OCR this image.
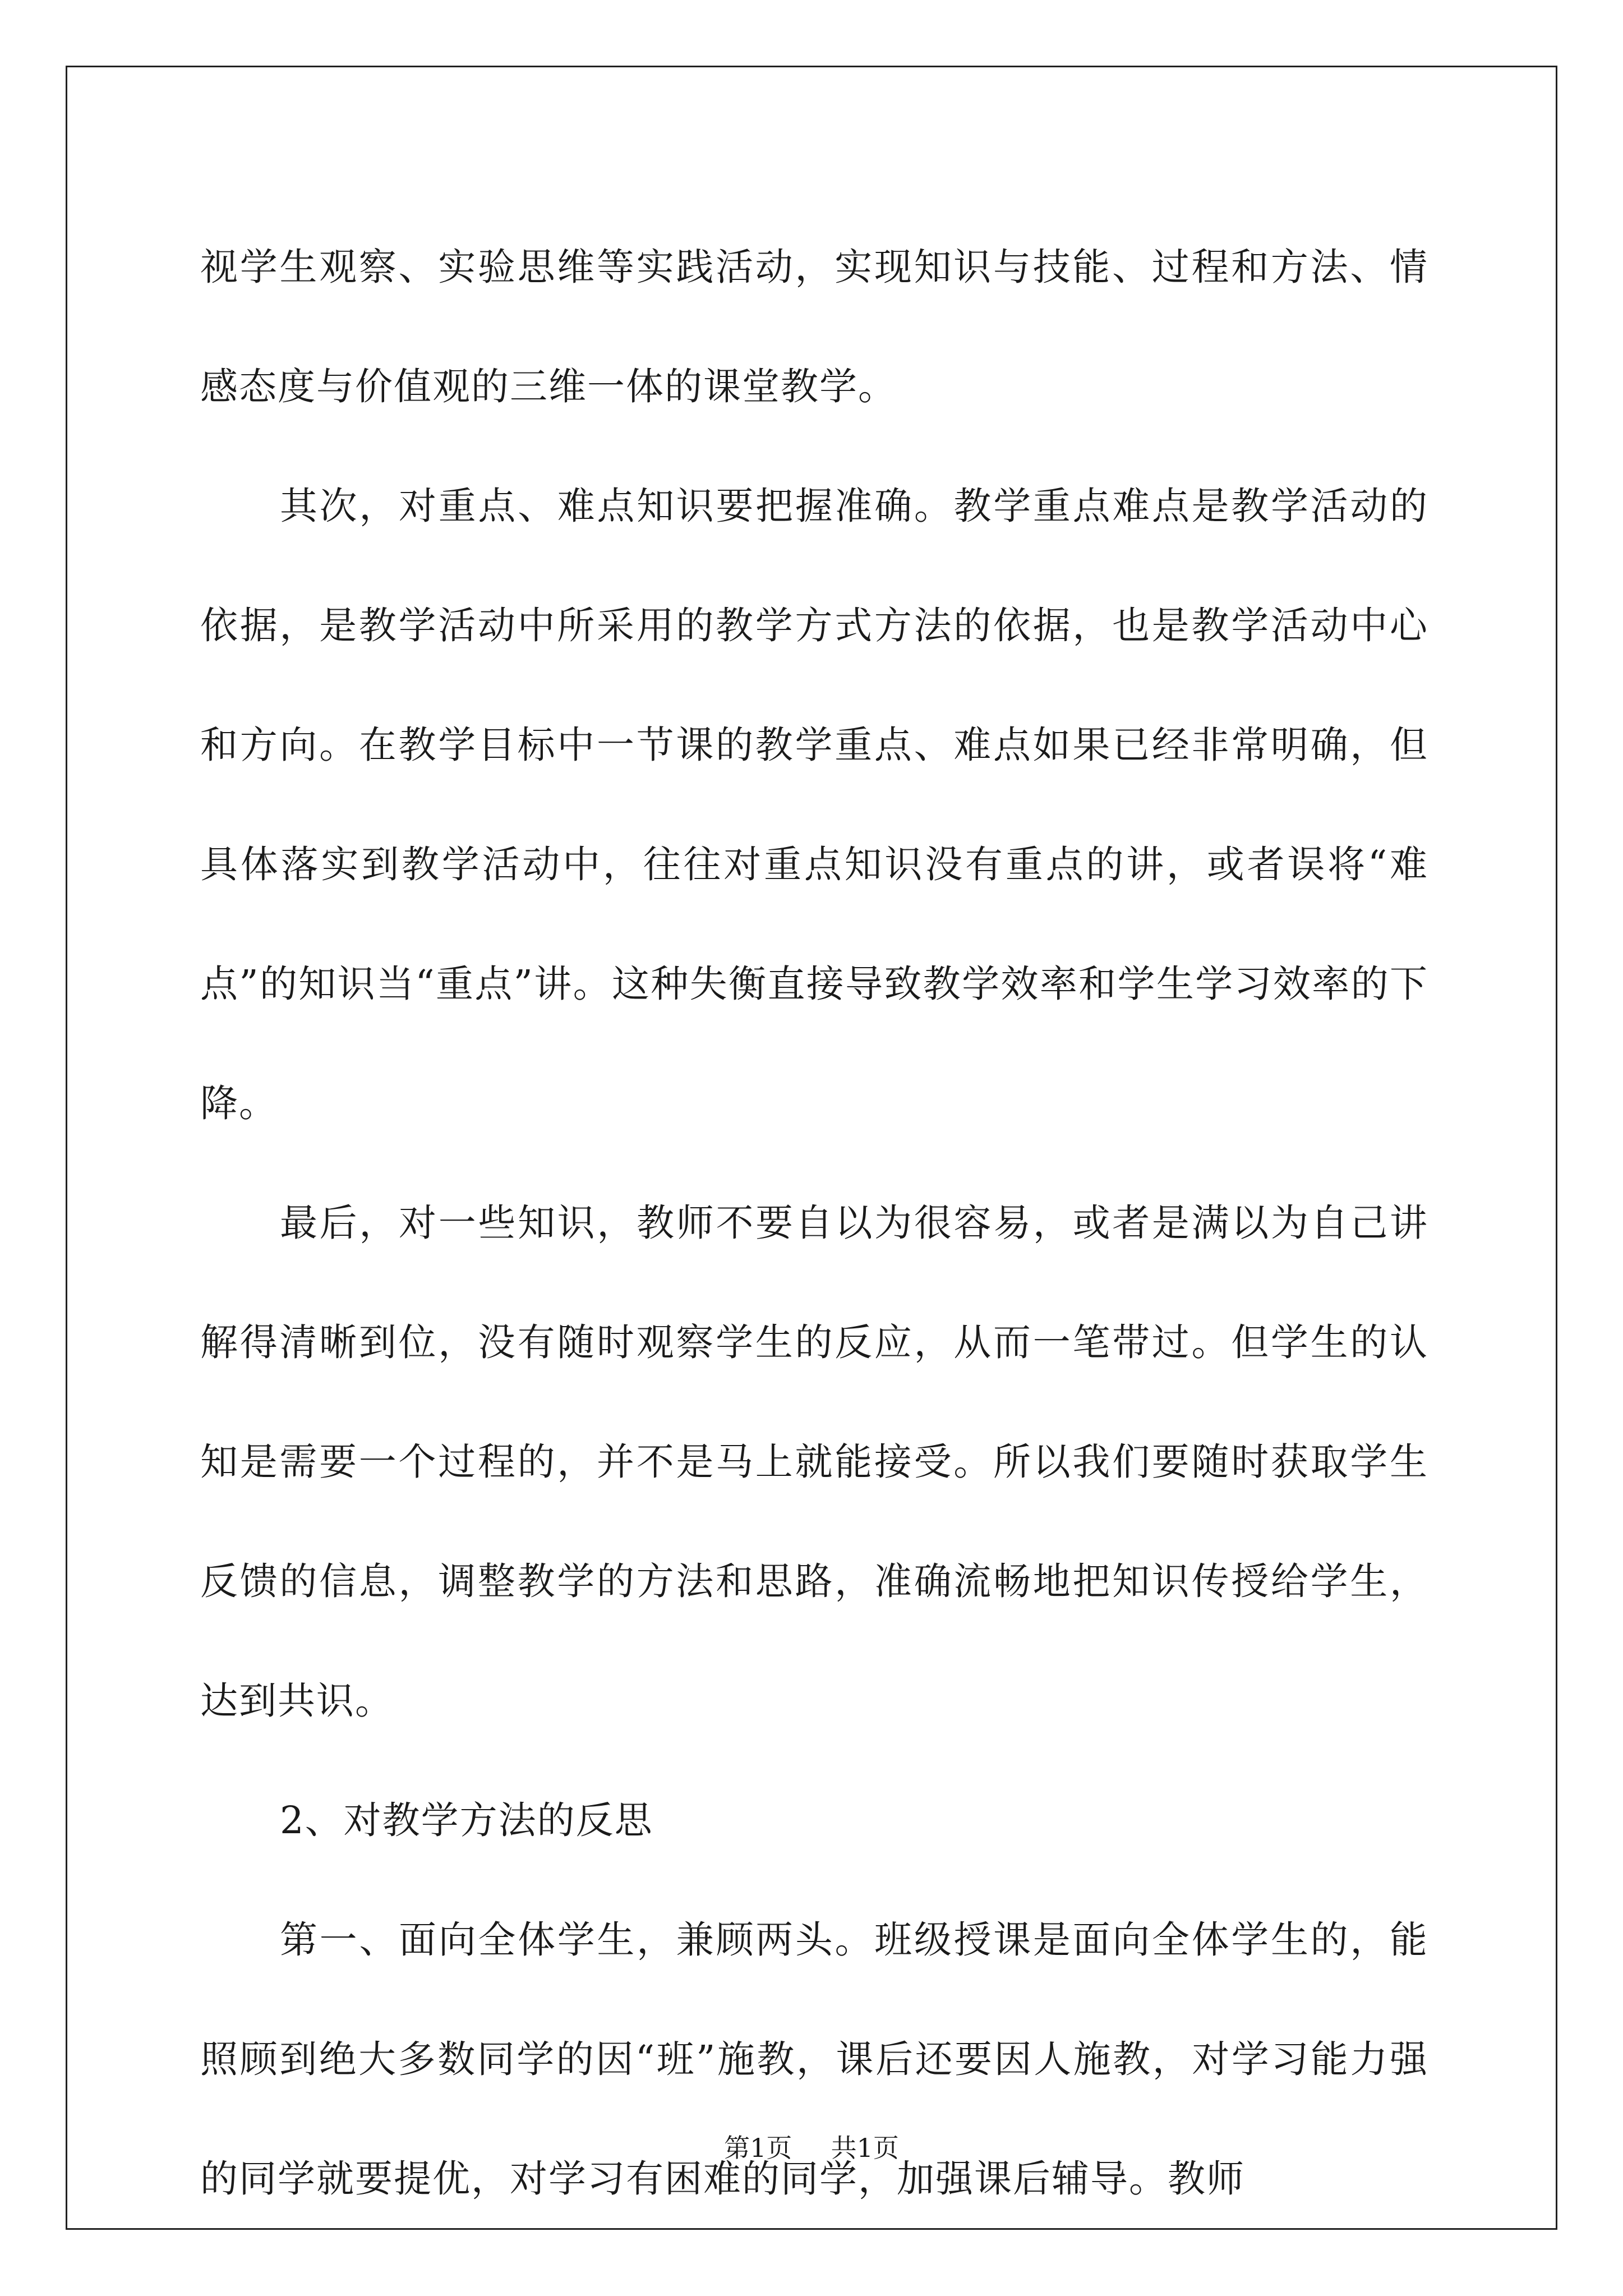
视学生观察、实验思维等实践活动，实现知识与技能、过程和方法、情感态度与价值观的三维一体的课堂教学。

其次，对重点、难点知识要把握准确。教学重点难点是教学活动的依据，是教学活动中所采用的教学方式方法的依据，也是教学活动中心和方向。在教学目标中一节课的教学重点、难点如果已经非常明确，但具体落实到教学活动中，往往对重点知识没有重点的讲，或者误将“难点”的知识当“重点”讲。这种失衡直接导致教学效率和学生学习效率的下降。

最后，对一些知识，教师不要自以为很容易，或者是满以为自己讲解得清晰到位，没有随时观察学生的反应，从而一笔带过。但学生的认知是需要一个过程的，并不是马上就能接受。所以我们要随时获取学生反馈的信息，调整教学的方法和思路，准确流畅地把知识传授给学生，达到共识。

2、对教学方法的反思

第一、面向全体学生，兼顾两头。班级授课是面向全体学生的，能照顾到绝大多数同学的因“班”施教，课后还要因人施教，对学习能力强的同学就要提优，对学习有困难的同学，加强课后辅导。教师

第1页 共1页
